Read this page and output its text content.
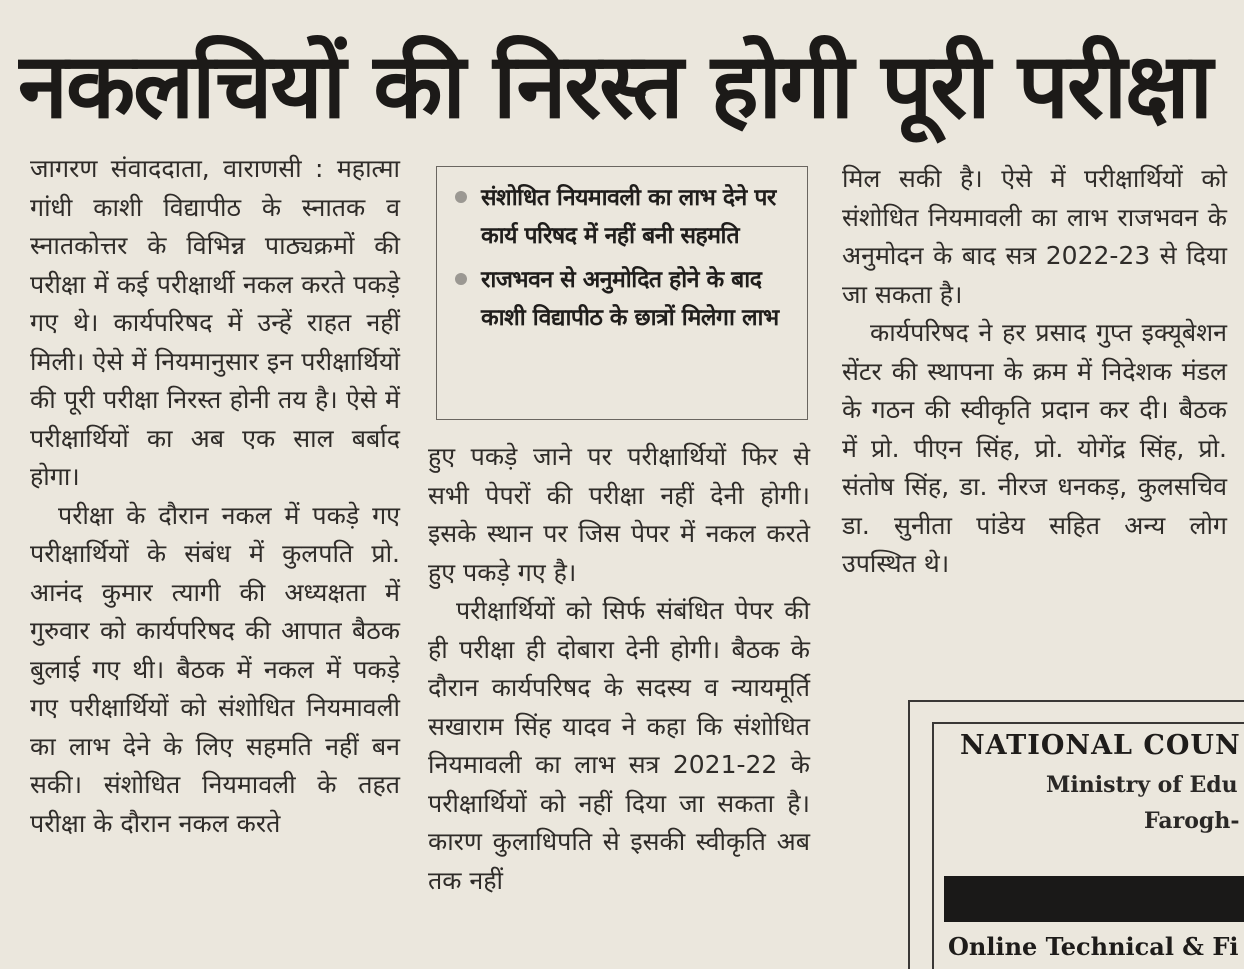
नकलचियों की निरस्त होगी पूरी परीक्षा

जागरण संवाददाता, वाराणसी : महात्मा गांधी काशी विद्यापीठ के स्नातक व स्नातकोत्तर के विभिन्न पाठ्यक्रमों की परीक्षा में कई परीक्षार्थी नकल करते पकड़े गए थे। कार्यपरिषद में उन्हें राहत नहीं मिली। ऐसे में नियमानुसार इन परीक्षार्थियों की पूरी परीक्षा निरस्त होनी तय है। ऐसे में परीक्षार्थियों का अब एक साल बर्बाद होगा।

परीक्षा के दौरान नकल में पकड़े गए परीक्षार्थियों के संबंध में कुलपति प्रो. आनंद कुमार त्यागी की अध्यक्षता में गुरुवार को कार्यपरिषद की आपात बैठक बुलाई गए थी। बैठक में नकल में पकड़े गए परीक्षार्थियों को संशोधित नियमावली का लाभ देने के लिए सहमति नहीं बन सकी। संशोधित नियमावली के तहत परीक्षा के दौरान नकल करते

संशोधित नियमावली का लाभ देने पर कार्य परिषद में नहीं बनी सहमति
राजभवन से अनुमोदित होने के बाद काशी विद्यापीठ के छात्रों मिलेगा लाभ

हुए पकड़े जाने पर परीक्षार्थियों फिर से सभी पेपरों की परीक्षा नहीं देनी होगी। इसके स्थान पर जिस पेपर में नकल करते हुए पकड़े गए है।

परीक्षार्थियों को सिर्फ संबंधित पेपर की ही परीक्षा ही दोबारा देनी होगी। बैठक के दौरान कार्यपरिषद के सदस्य व न्यायमूर्ति सखाराम सिंह यादव ने कहा कि संशोधित नियमावली का लाभ सत्र 2021-22 के परीक्षार्थियों को नहीं दिया जा सकता है। कारण कुलाधिपति से इसकी स्वीकृति अब तक नहीं

मिल सकी है। ऐसे में परीक्षार्थियों को संशोधित नियमावली का लाभ राजभवन के अनुमोदन के बाद सत्र 2022-23 से दिया जा सकता है।

कार्यपरिषद ने हर प्रसाद गुप्त इक्यूबेशन सेंटर की स्थापना के क्रम में निदेशक मंडल के गठन की स्वीकृति प्रदान कर दी। बैठक में प्रो. पीएन सिंह, प्रो. योगेंद्र सिंह, प्रो. संतोष सिंह, डा. नीरज धनकड़, कुलसचिव डा. सुनीता पांडेय सहित अन्य लोग उपस्थित थे।

NATIONAL COUN
Ministry of Edu
Farogh-
Online Technical & Fi
